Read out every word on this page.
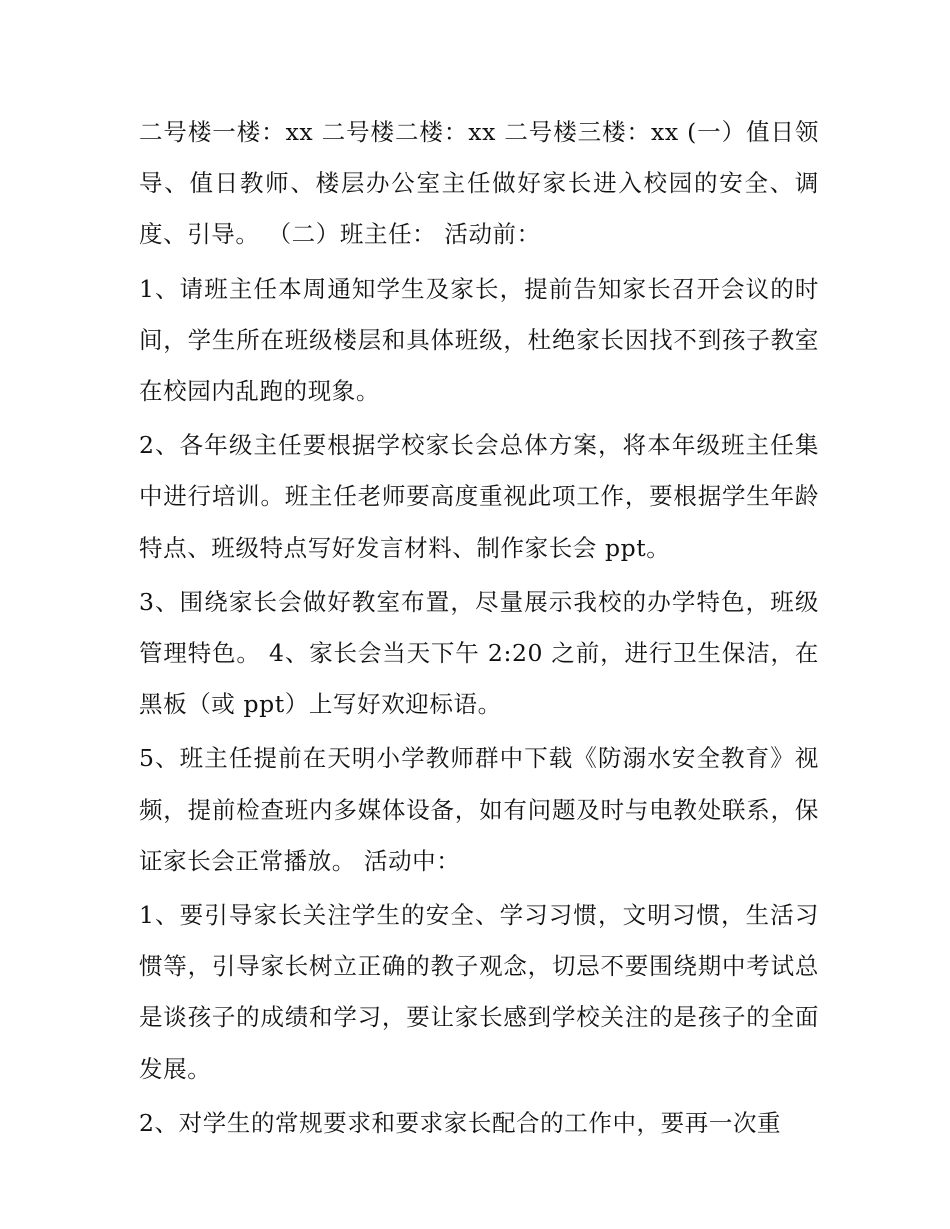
二号楼一楼：xx 二号楼二楼：xx 二号楼三楼：xx (一）值日领导、值日教师、楼层办公室主任做好家长进入校园的安全、调度、引导。 （二）班主任： 活动前：

1、请班主任本周通知学生及家长，提前告知家长召开会议的时间，学生所在班级楼层和具体班级，杜绝家长因找不到孩子教室在校园内乱跑的现象。

2、各年级主任要根据学校家长会总体方案，将本年级班主任集中进行培训。班主任老师要高度重视此项工作，要根据学生年龄特点、班级特点写好发言材料、制作家长会 ppt。

3、围绕家长会做好教室布置，尽量展示我校的办学特色，班级管理特色。 4、家长会当天下午 2:20 之前，进行卫生保洁，在黑板（或 ppt）上写好欢迎标语。

5、班主任提前在天明小学教师群中下载《防溺水安全教育》视频，提前检查班内多媒体设备，如有问题及时与电教处联系，保证家长会正常播放。 活动中：

1、要引导家长关注学生的安全、学习习惯，文明习惯，生活习惯等，引导家长树立正确的教子观念，切忌不要围绕期中考试总是谈孩子的成绩和学习，要让家长感到学校关注的是孩子的全面发展。

2、对学生的常规要求和要求家长配合的工作中，要再一次重
